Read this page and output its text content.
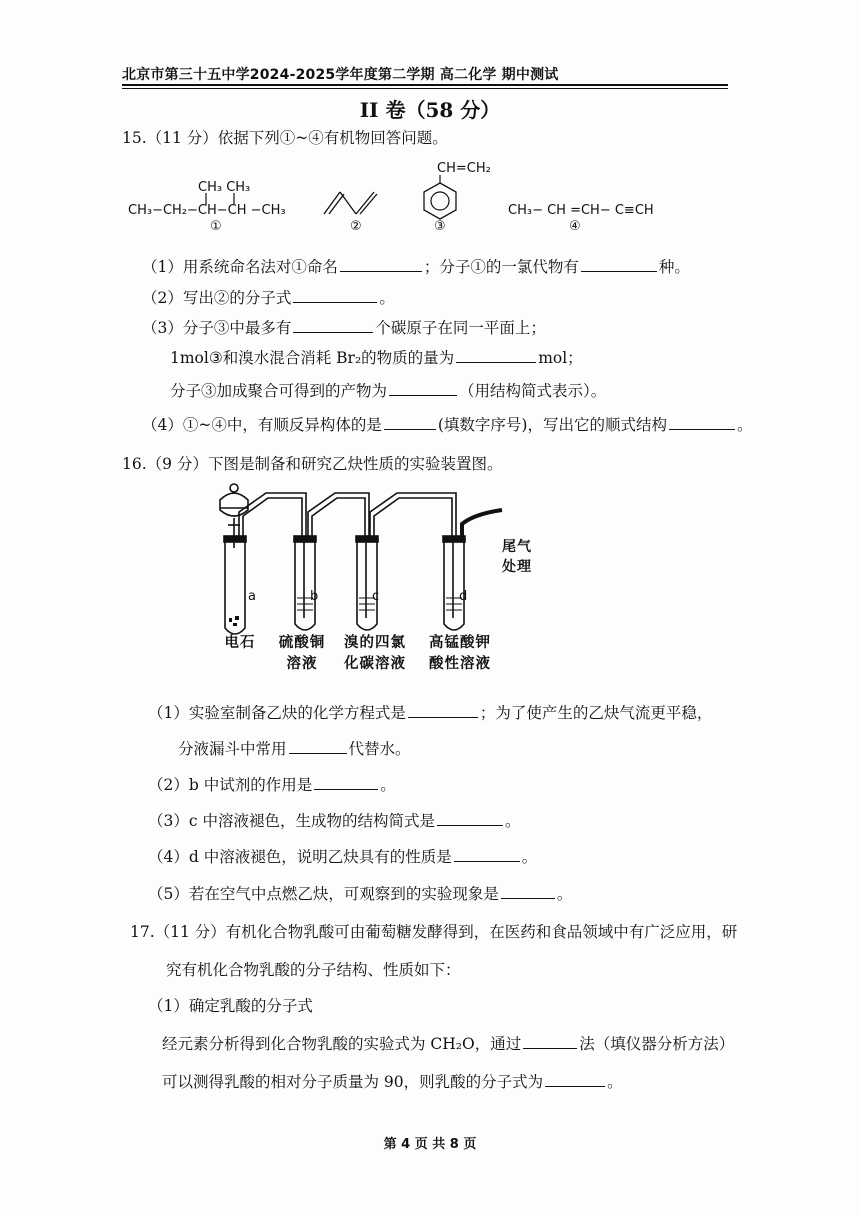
北京市第三十五中学2024-2025学年度第二学期 高二化学 期中测试
II 卷（58 分）
15.（11 分）依据下列①~④有机物回答问题。
CH₃ CH₃
CH₃−CH₂−CH−CH −CH₃
①	②
CH=CH₂
③
CH₃− CH =CH− C≡CH
④
（1）用系统命名法对①命名	；分子①的一氯代物有	种。
（2）写出②的分子式	。
（3）分子③中最多有	个碳原子在同一平面上；
1mol③和溴水混合消耗 Br₂的物质的量为	mol；
分子③加成聚合可得到的产物为	（用结构简式表示）。
（4）①~④中，有顺反异构体的是	(填数字序号)，写出它的顺式结构	。
16.（9 分）下图是制备和研究乙炔性质的实验装置图。
a	b	c	d
尾气
处理
电石	硫酸铜
溶液
溴的四氯
化碳溶液
高锰酸钾
酸性溶液
（1）实验室制备乙炔的化学方程式是	；为了使产生的乙炔气流更平稳，
分液漏斗中常用	代替水。
（2）b 中试剂的作用是	。
（3）c 中溶液褪色，生成物的结构简式是	。
（4）d 中溶液褪色，说明乙炔具有的性质是	。
（5）若在空气中点燃乙炔，可观察到的实验现象是	。
17.（11 分）有机化合物乳酸可由葡萄糖发酵得到，在医药和食品领域中有广泛应用，研
究有机化合物乳酸的分子结构、性质如下：
（1）确定乳酸的分子式
经元素分析得到化合物乳酸的实验式为 CH₂O，通过	法（填仪器分析方法）
可以测得乳酸的相对分子质量为 90，则乳酸的分子式为	。
第 4 页 共 8 页
